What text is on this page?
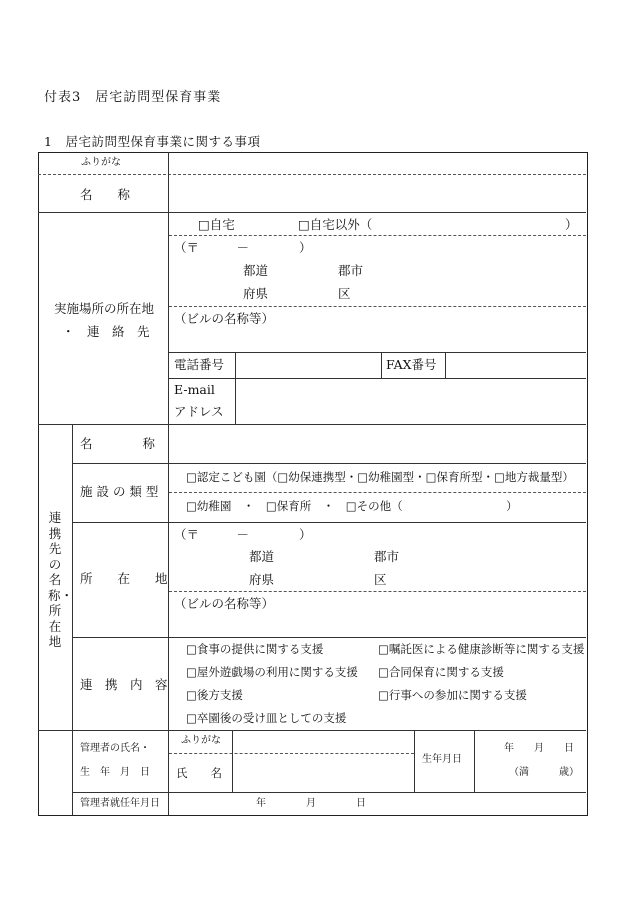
付表3　居宅訪問型保育事業
1　居宅訪問型保育事業に関する事項
ふりがな
名　　称
実施場所の所在地
・　連　絡　先
□自宅	□自宅以外（	）
（〒　　　－　　　　）
都道	郡市
府県	区
（ビルの名称等）
電話番号	FAX番号
E-mail
アドレス
連携先の名称・所在地
名　　　　称
施 設 の 類 型
□認定こども園（□幼保連携型・□幼稚園型・□保育所型・□地方裁量型）
□幼稚園　・　□保育所　・　□その他（　　　　　　　　　）
所　　在　　地
（〒　　　－　　　　）
都道	郡市
府県	区
（ビルの名称等）
連　携　内　容
□食事の提供に関する支援	□嘱託医による健康診断等に関する支援
□屋外遊戯場の利用に関する支援 □合同保育に関する支援
□後方支援	□行事への参加に関する支援
□卒園後の受け皿としての支援
管理者の氏名・
生　年　月　日
ふりがな
氏　　名
生年月日
年　　月　　日
（満　　　歳）
管理者就任年月日	年　　　　月　　　　日
